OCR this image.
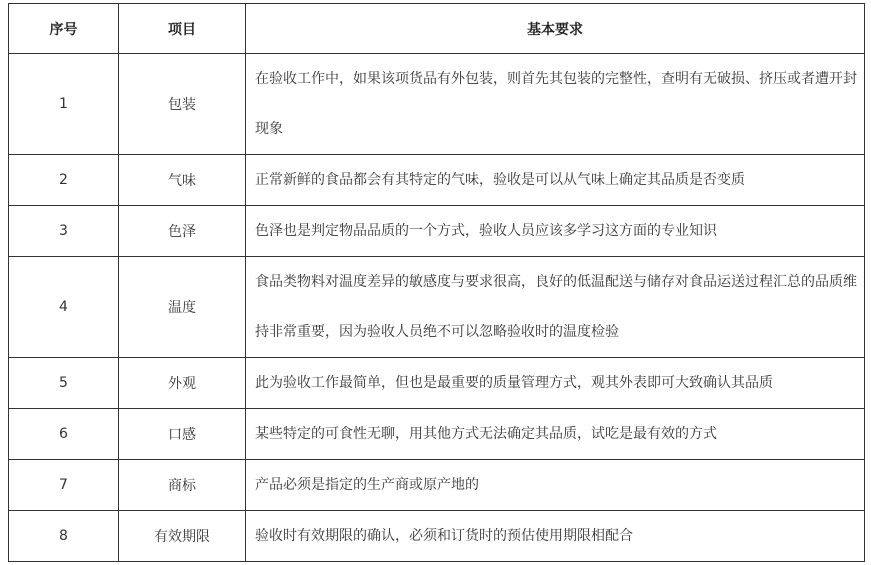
序号	项目	基本要求
1	包装	在验收工作中，如果该项货品有外包装，则首先其包装的完整性，查明有无破损、挤压或者遭开封现象
2	气味	正常新鲜的食品都会有其特定的气味，验收是可以从气味上确定其品质是否变质
3	色泽	色泽也是判定物品品质的一个方式，验收人员应该多学习这方面的专业知识
4	温度	食品类物料对温度差异的敏感度与要求很高，良好的低温配送与储存对食品运送过程汇总的品质维持非常重要，因为验收人员绝不可以忽略验收时的温度检验
5	外观	此为验收工作最简单，但也是最重要的质量管理方式，观其外表即可大致确认其品质
6	口感	某些特定的可食性无聊，用其他方式无法确定其品质，试吃是最有效的方式
7	商标	产品必须是指定的生产商或原产地的
8	有效期限	验收时有效期限的确认，必须和订货时的预估使用期限相配合
